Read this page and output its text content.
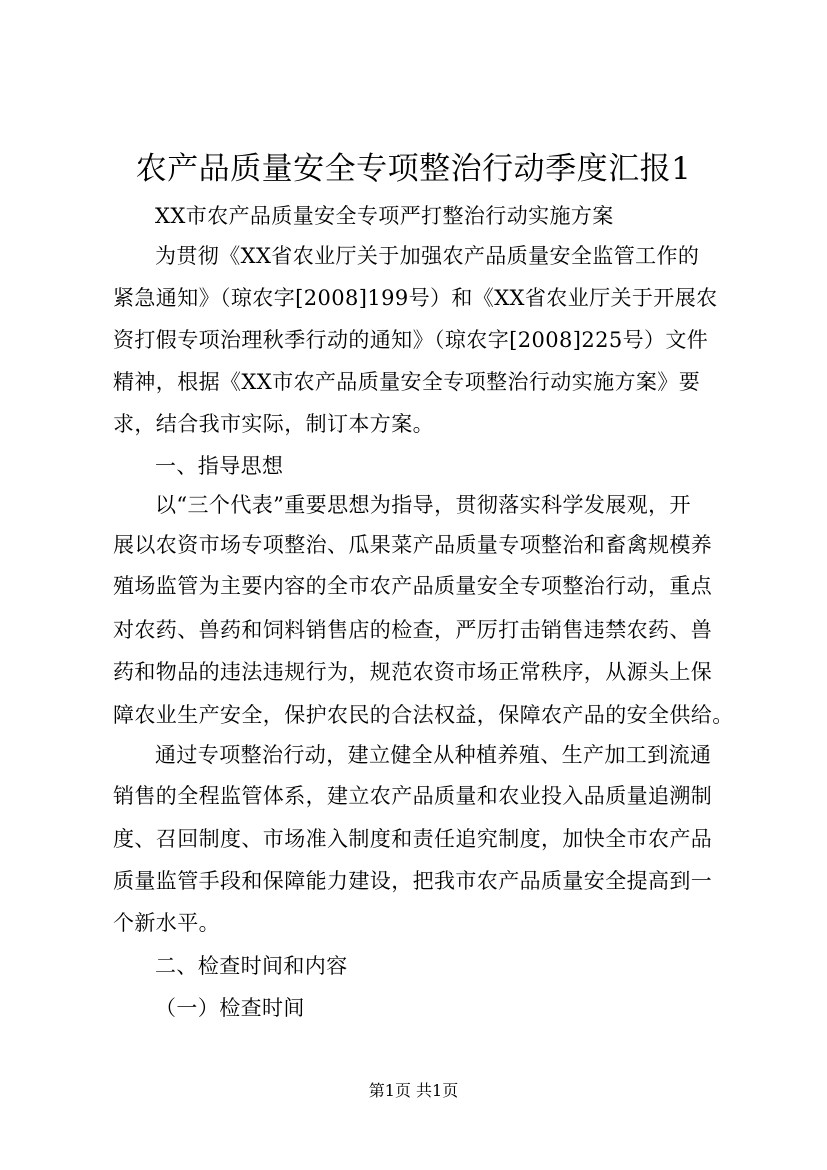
农产品质量安全专项整治行动季度汇报1
XX市农产品质量安全专项严打整治行动实施方案
为贯彻《XX省农业厅关于加强农产品质量安全监管工作的
紧急通知》（琼农字[2008]199号）和《XX省农业厅关于开展农
资打假专项治理秋季行动的通知》（琼农字[2008]225号）文件
精神，根据《XX市农产品质量安全专项整治行动实施方案》要
求，结合我市实际，制订本方案。
一、指导思想
以“三个代表”重要思想为指导，贯彻落实科学发展观，开
展以农资市场专项整治、瓜果菜产品质量专项整治和畜禽规模养
殖场监管为主要内容的全市农产品质量安全专项整治行动，重点
对农药、兽药和饲料销售店的检查，严厉打击销售违禁农药、兽
药和物品的违法违规行为，规范农资市场正常秩序，从源头上保
障农业生产安全，保护农民的合法权益，保障农产品的安全供给。
通过专项整治行动，建立健全从种植养殖、生产加工到流通
销售的全程监管体系，建立农产品质量和农业投入品质量追溯制
度、召回制度、市场准入制度和责任追究制度，加快全市农产品
质量监管手段和保障能力建设，把我市农产品质量安全提高到一
个新水平。
二、检查时间和内容
（一）检查时间
第1页 共1页
